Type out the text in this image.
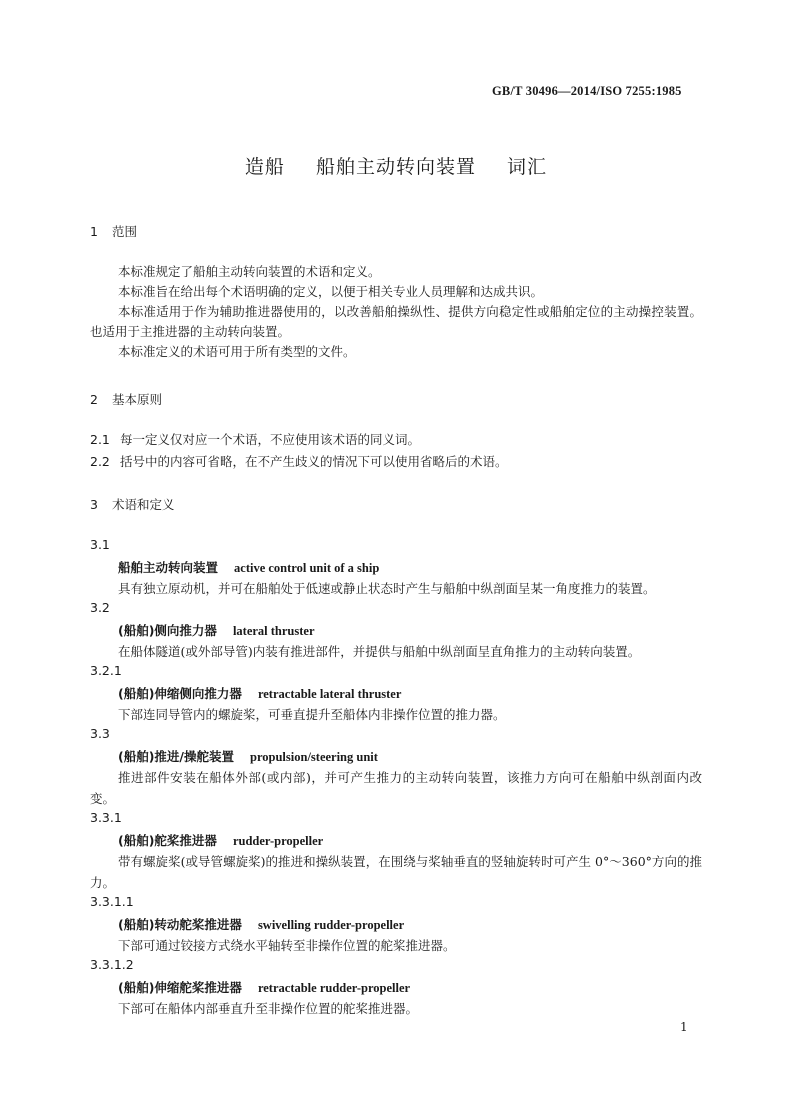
GB/T 30496—2014/ISO 7255:1985
造船 船舶主动转向装置 词汇
1 范围
本标准规定了船舶主动转向装置的术语和定义。
本标准旨在给出每个术语明确的定义，以便于相关专业人员理解和达成共识。
本标准适用于作为辅助推进器使用的，以改善船舶操纵性、提供方向稳定性或船舶定位的主动操控装置。也适用于主推进器的主动转向装置。
本标准定义的术语可用于所有类型的文件。
2 基本原则
2.1 每一定义仅对应一个术语，不应使用该术语的同义词。
2.2 括号中的内容可省略，在不产生歧义的情况下可以使用省略后的术语。
3 术语和定义
3.1
船舶主动转向装置 active control unit of a ship
具有独立原动机，并可在船舶处于低速或静止状态时产生与船舶中纵剖面呈某一角度推力的装置。
3.2
(船舶)侧向推力器 lateral thruster
在船体隧道(或外部导管)内装有推进部件，并提供与船舶中纵剖面呈直角推力的主动转向装置。
3.2.1
(船舶)伸缩侧向推力器 retractable lateral thruster
下部连同导管内的螺旋桨，可垂直提升至船体内非操作位置的推力器。
3.3
(船舶)推进/操舵装置 propulsion/steering unit
推进部件安装在船体外部(或内部)，并可产生推力的主动转向装置，该推力方向可在船舶中纵剖面内改变。
3.3.1
(船舶)舵桨推进器 rudder-propeller
带有螺旋桨(或导管螺旋桨)的推进和操纵装置，在围绕与桨轴垂直的竖轴旋转时可产生 0°～360°方向的推力。
3.3.1.1
(船舶)转动舵桨推进器 swivelling rudder-propeller
下部可通过铰接方式绕水平轴转至非操作位置的舵桨推进器。
3.3.1.2
(船舶)伸缩舵桨推进器 retractable rudder-propeller
下部可在船体内部垂直升至非操作位置的舵桨推进器。
1
